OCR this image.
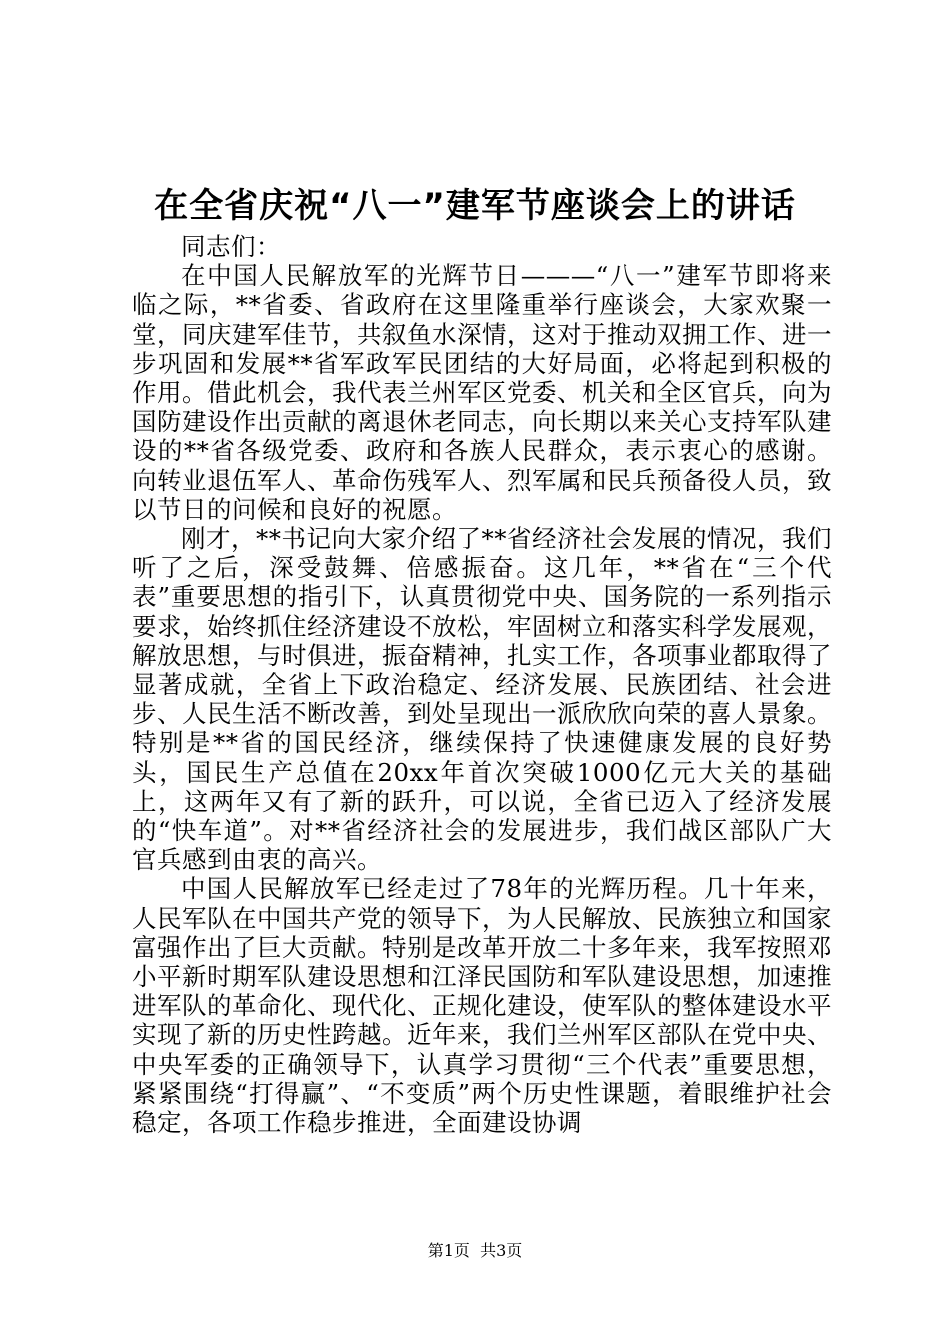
在全省庆祝“八一”建军节座谈会上的讲话

同志们：

在中国人民解放军的光辉节日———“八一”建军节即将来临之际，**省委、省政府在这里隆重举行座谈会，大家欢聚一堂，同庆建军佳节，共叙鱼水深情，这对于推动双拥工作、进一步巩固和发展**省军政军民团结的大好局面，必将起到积极的作用。借此机会，我代表兰州军区党委、机关和全区官兵，向为国防建设作出贡献的离退休老同志，向长期以来关心支持军队建设的**省各级党委、政府和各族人民群众，表示衷心的感谢。向转业退伍军人、革命伤残军人、烈军属和民兵预备役人员，致以节日的问候和良好的祝愿。

刚才，**书记向大家介绍了**省经济社会发展的情况，我们听了之后，深受鼓舞、倍感振奋。这几年，**省在“三个代表”重要思想的指引下，认真贯彻党中央、国务院的一系列指示要求，始终抓住经济建设不放松，牢固树立和落实科学发展观，解放思想，与时俱进，振奋精神，扎实工作，各项事业都取得了显著成就，全省上下政治稳定、经济发展、民族团结、社会进步、人民生活不断改善，到处呈现出一派欣欣向荣的喜人景象。特别是**省的国民经济，继续保持了快速健康发展的良好势头，国民生产总值在20xx年首次突破1000亿元大关的基础上，这两年又有了新的跃升，可以说，全省已迈入了经济发展的“快车道”。对**省经济社会的发展进步，我们战区部队广大官兵感到由衷的高兴。

中国人民解放军已经走过了78年的光辉历程。几十年来，人民军队在中国共产党的领导下，为人民解放、民族独立和国家富强作出了巨大贡献。特别是改革开放二十多年来，我军按照邓小平新时期军队建设思想和江泽民国防和军队建设思想，加速推进军队的革命化、现代化、正规化建设，使军队的整体建设水平实现了新的历史性跨越。近年来，我们兰州军区部队在党中央、中央军委的正确领导下，认真学习贯彻“三个代表”重要思想，紧紧围绕“打得赢”、“不变质”两个历史性课题，着眼维护社会稳定，各项工作稳步推进，全面建设协调

第1页 共3页
